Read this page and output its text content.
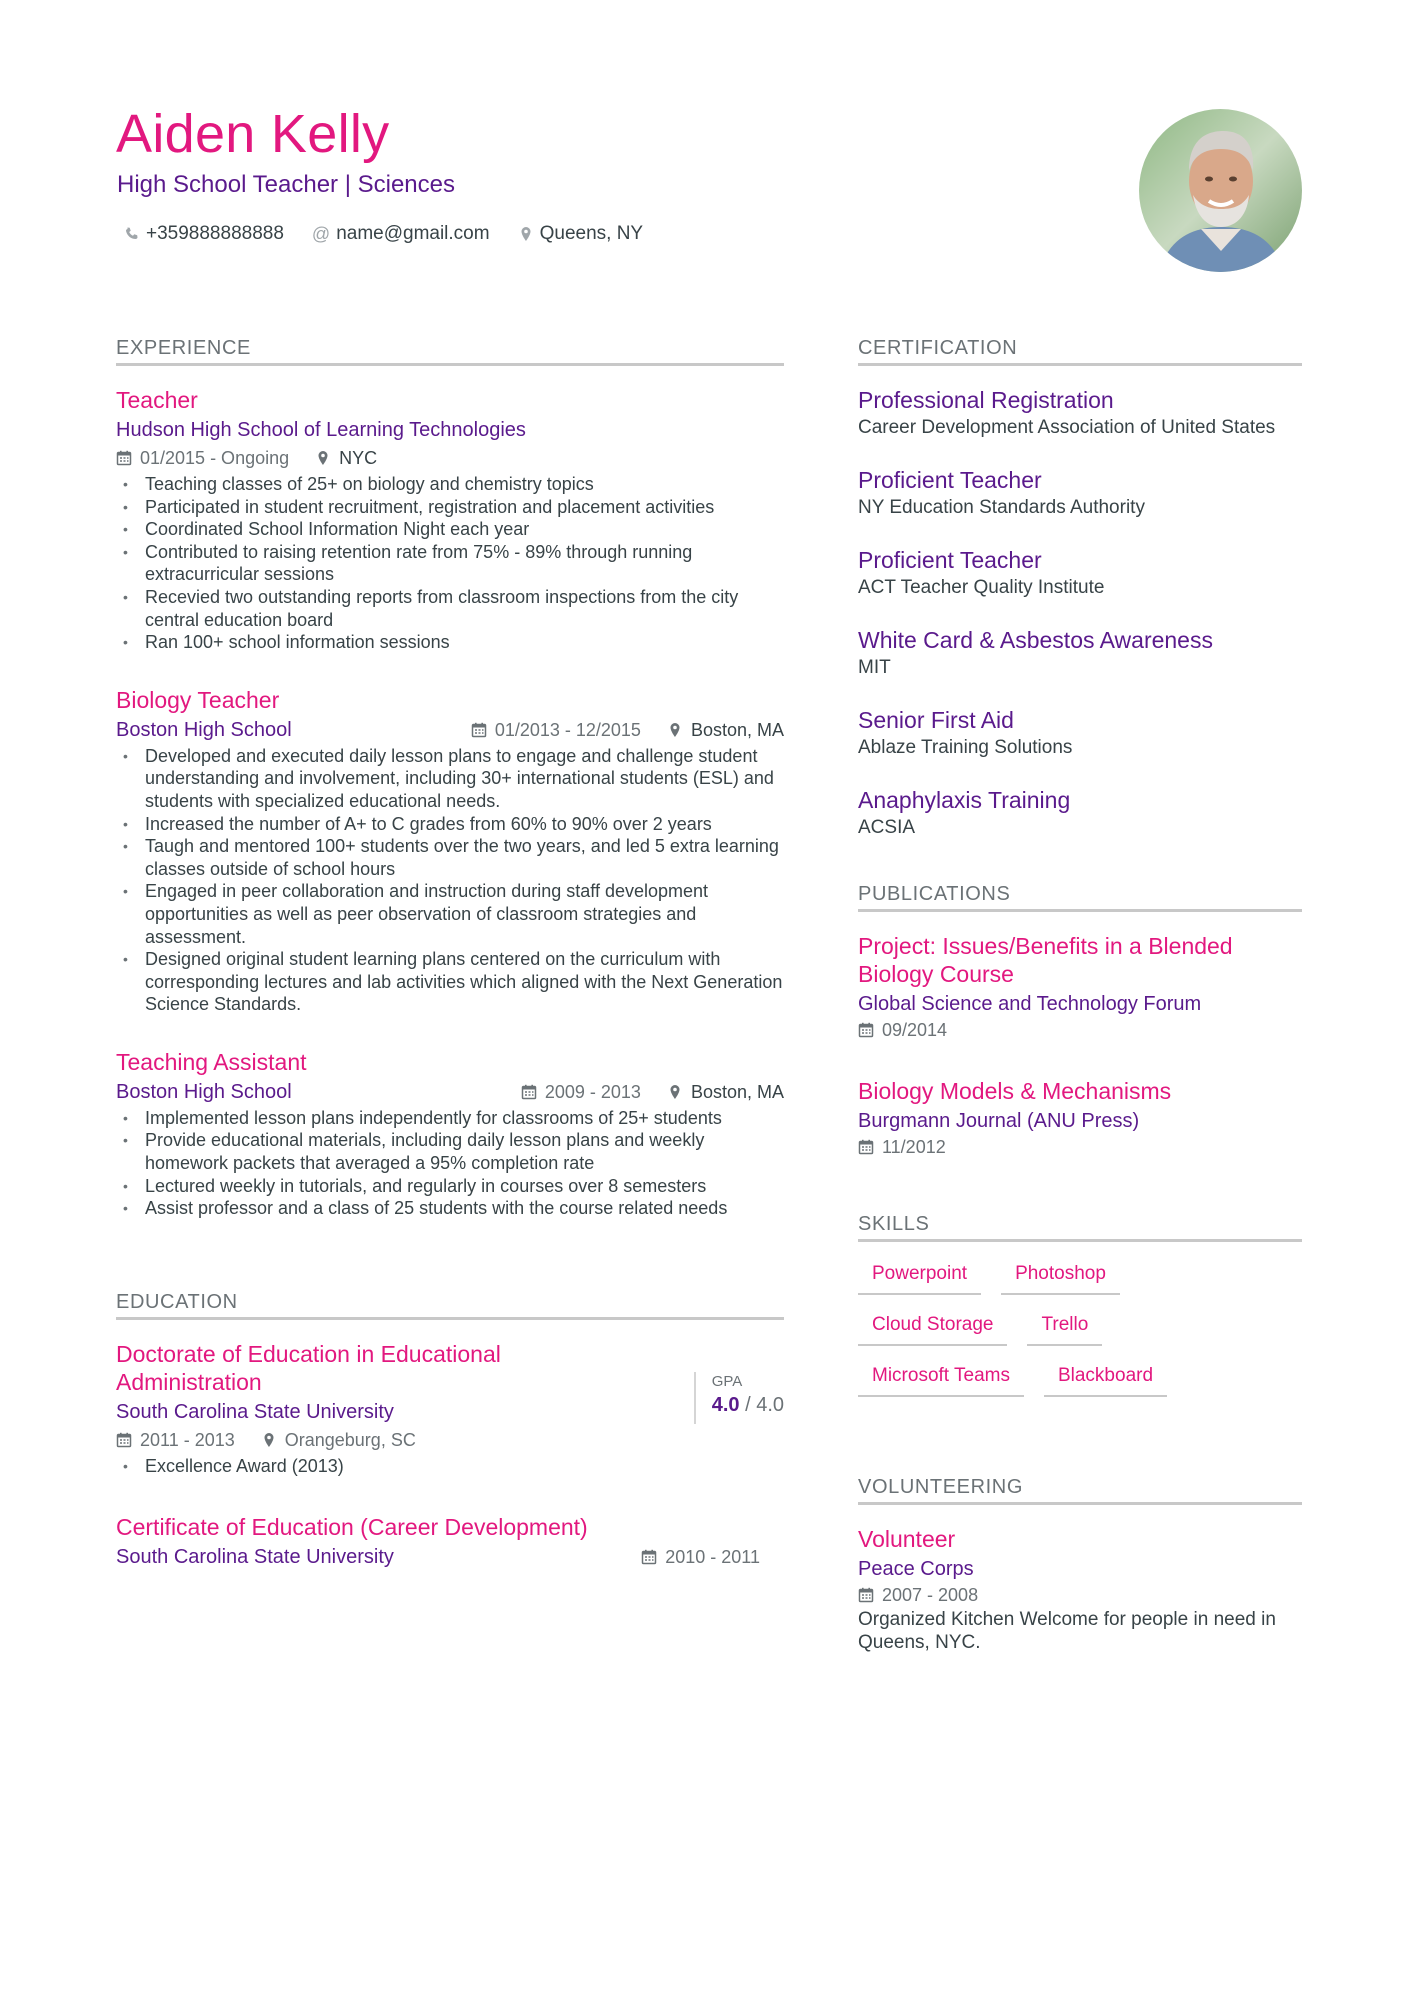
Aiden Kelly
High School Teacher | Sciences
+359888888888 @ name@gmail.com	Queens, NY
EXPERIENCE
Teacher
Hudson High School of Learning Technologies
01/2015 - Ongoing	NYC
• Teaching classes of 25+ on biology and chemistry topics
• Participated in student recruitment, registration and placement activities
• Coordinated School Information Night each year
• Contributed to raising retention rate from 75% - 89% through running extracurricular sessions
• Recevied two outstanding reports from classroom inspections from the city central education board
• Ran 100+ school information sessions
Biology Teacher
Boston High School	01/2013 - 12/2015	Boston, MA
• Developed and executed daily lesson plans to engage and challenge student understanding and involvement, including 30+ international students (ESL) and students with specialized educational needs.
• Increased the number of A+ to C grades from 60% to 90% over 2 years
• Taugh and mentored 100+ students over the two years, and led 5 extra learning classes outside of school hours
• Engaged in peer collaboration and instruction during staff development opportunities as well as peer observation of classroom strategies and assessment.
• Designed original student learning plans centered on the curriculum with corresponding lectures and lab activities which aligned with the Next Generation Science Standards.
Teaching Assistant
Boston High School	2009 - 2013	Boston, MA
• Implemented lesson plans independently for classrooms of 25+ students
• Provide educational materials, including daily lesson plans and weekly homework packets that averaged a 95% completion rate
• Lectured weekly in tutorials, and regularly in courses over 8 semesters
• Assist professor and a class of 25 students with the course related needs
EDUCATION
Doctorate of Education in Educational Administration	GPA
4.0 / 4.0
South Carolina State University
2011 - 2013	Orangeburg, SC
• Excellence Award (2013)
Certificate of Education (Career Development)
South Carolina State University	2010 - 2011
CERTIFICATION
Professional Registration
Career Development Association of United States
Proficient Teacher
NY Education Standards Authority
Proficient Teacher
ACT Teacher Quality Institute
White Card & Asbestos Awareness
MIT
Senior First Aid
Ablaze Training Solutions
Anaphylaxis Training
ACSIA
PUBLICATIONS
Project: Issues/Benefits in a Blended Biology Course
Global Science and Technology Forum
09/2014
Biology Models & Mechanisms
Burgmann Journal (ANU Press)
11/2012
SKILLS
Powerpoint	Photoshop
Cloud Storage	Trello
Microsoft Teams	Blackboard
VOLUNTEERING
Volunteer
Peace Corps
2007 - 2008
Organized Kitchen Welcome for people in need in Queens, NYC.
